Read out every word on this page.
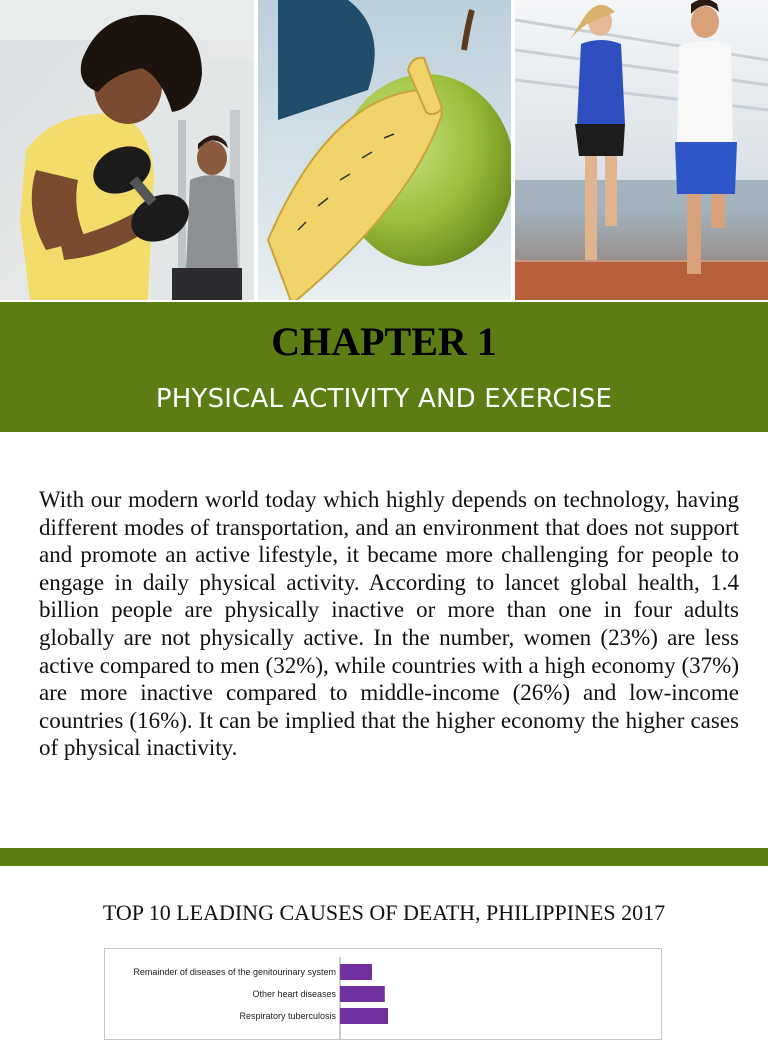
CHAPTER 1
PHYSICAL ACTIVITY AND EXERCISE

With our modern world today which highly depends on technology, having different modes of transportation, and an environment that does not support and promote an active lifestyle, it became more challenging for people to engage in daily physical activity. According to lancet global health, 1.4 billion people are physically inactive or more than one in four adults globally are not physically active. In the number, women (23%) are less active compared to men (32%), while countries with a high economy (37%) are more inactive compared to middle-income (26%) and low-income countries (16%). It can be implied that the higher economy the higher cases of physical inactivity.

TOP 10 LEADING CAUSES OF DEATH, PHILIPPINES 2017
Remainder of diseases of the genitourinary system
Other heart diseases
Respiratory tuberculosis
